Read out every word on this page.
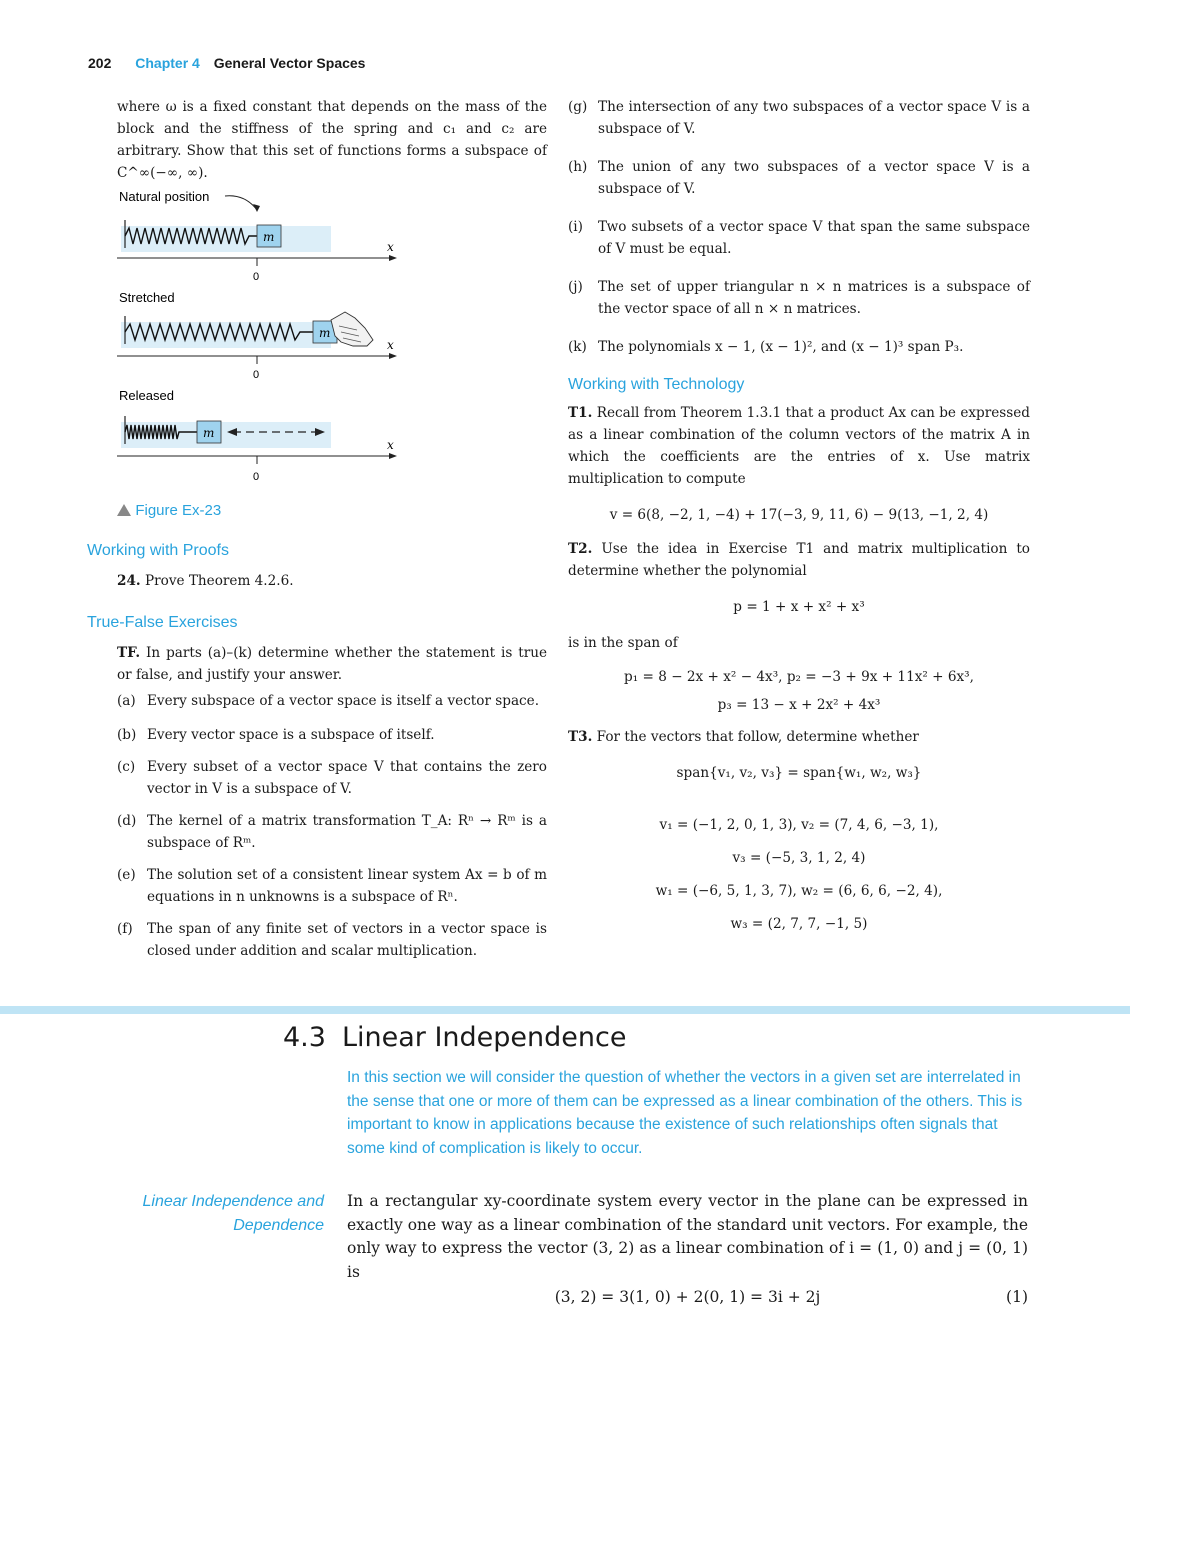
202 Chapter 4 General Vector Spaces

where ω is a fixed constant that depends on the mass of the block and the stiffness of the spring and c₁ and c₂ are arbitrary. Show that this set of functions forms a subspace of C^∞(−∞, ∞).

Natural position
m
x
0
Stretched
m
x
0
Released
m
x
0
Figure Ex-23
Working with Proofs

24. Prove Theorem 4.2.6.

True-False Exercises

TF. In parts (a)–(k) determine whether the statement is true or false, and justify your answer.

(a) Every subspace of a vector space is itself a vector space.

(b) Every vector space is a subspace of itself.

(c) Every subset of a vector space V that contains the zero vector in V is a subspace of V.

(d) The kernel of a matrix transformation T_A: Rⁿ → Rᵐ is a subspace of Rᵐ.

(e) The solution set of a consistent linear system Ax = b of m equations in n unknowns is a subspace of Rⁿ.

(f) The span of any finite set of vectors in a vector space is closed under addition and scalar multiplication.

(g) The intersection of any two subspaces of a vector space V is a subspace of V.

(h) The union of any two subspaces of a vector space V is a subspace of V.

(i) Two subsets of a vector space V that span the same subspace of V must be equal.

(j) The set of upper triangular n × n matrices is a subspace of the vector space of all n × n matrices.

(k) The polynomials x − 1, (x − 1)², and (x − 1)³ span P₃.

Working with Technology

T1. Recall from Theorem 1.3.1 that a product Ax can be expressed as a linear combination of the column vectors of the matrix A in which the coefficients are the entries of x. Use matrix multiplication to compute

v = 6(8, −2, 1, −4) + 17(−3, 9, 11, 6) − 9(13, −1, 2, 4)

T2. Use the idea in Exercise T1 and matrix multiplication to determine whether the polynomial

p = 1 + x + x² + x³

is in the span of

p₁ = 8 − 2x + x² − 4x³, p₂ = −3 + 9x + 11x² + 6x³,

p₃ = 13 − x + 2x² + 4x³

T3. For the vectors that follow, determine whether

span{v₁, v₂, v₃} = span{w₁, w₂, w₃}

v₁ = (−1, 2, 0, 1, 3), v₂ = (7, 4, 6, −3, 1),

v₃ = (−5, 3, 1, 2, 4)

w₁ = (−6, 5, 1, 3, 7), w₂ = (6, 6, 6, −2, 4),

w₃ = (2, 7, 7, −1, 5)

4.3 Linear Independence
In this section we will consider the question of whether the vectors in a given set are interrelated in the sense that one or more of them can be expressed as a linear combination of the others. This is important to know in applications because the existence of such relationships often signals that some kind of complication is likely to occur.
Linear Independence and
Dependence
In a rectangular xy-coordinate system every vector in the plane can be expressed in exactly one way as a linear combination of the standard unit vectors. For example, the only way to express the vector (3, 2) as a linear combination of i = (1, 0) and j = (0, 1) is
(3, 2) = 3(1, 0) + 2(0, 1) = 3i + 2j	(1)
